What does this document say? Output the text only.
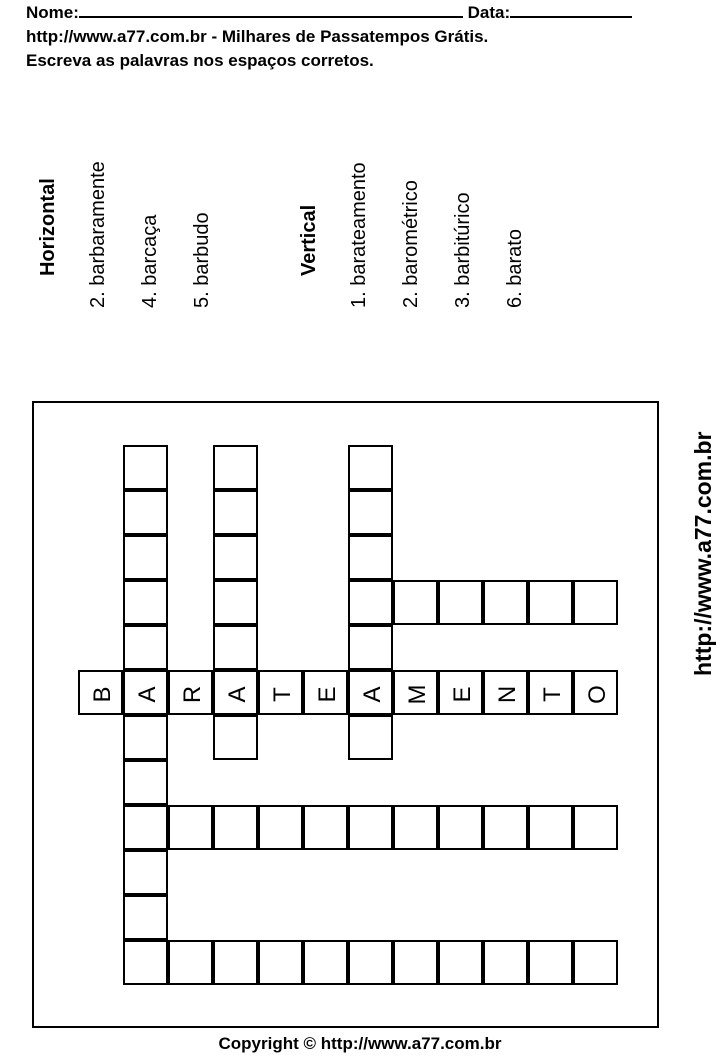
Nome:	Data:
http://www.a77.com.br - Milhares de Passatempos Grátis.
Escreva as palavras nos espaços corretos.
Horizontal
2. barbaramente
4. barcaça
5. barbudo	Vertical
1. barateamento
2. barométrico
3. barbitúrico
6. barato
A	A	A
B	R	T E	M E N T O
http://www.a77.com.br
Copyright © http://www.a77.com.br
